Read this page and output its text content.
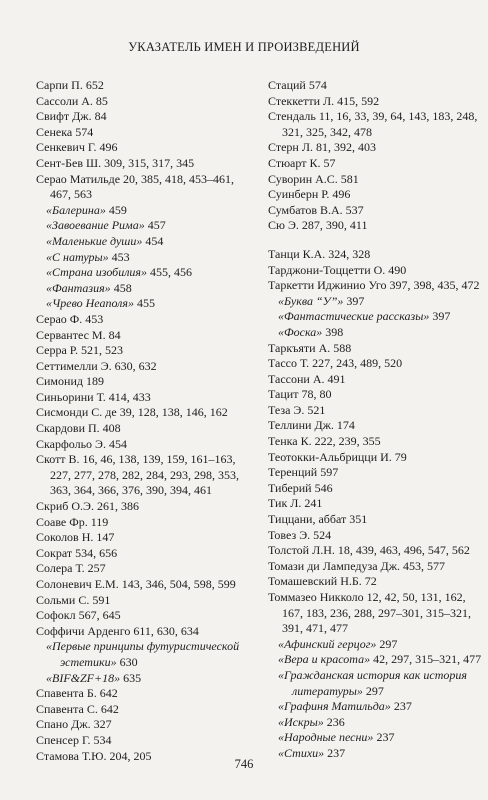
УКАЗАТЕЛЬ ИМЕН И ПРОИЗВЕДЕНИЙ
Сарпи П. 652
Сассоли А. 85
Свифт Дж. 84
Сенека 574
Сенкевич Г. 496
Сент-Бев Ш. 309, 315, 317, 345
Серао Матильде 20, 385, 418, 453–461, 467, 563
«Балерина» 459
«Завоевание Рима» 457
«Маленькие души» 454
«С натуры» 453
«Страна изобилия» 455, 456
«Фантазия» 458
«Чрево Неаполя» 455
Серао Ф. 453
Сервантес М. 84
Серра Р. 521, 523
Сеттимелли Э. 630, 632
Симонид 189
Синьорини Т. 414, 433
Сисмонди С. де 39, 128, 138, 146, 162
Скардови П. 408
Скарфольо Э. 454
Скотт В. 16, 46, 138, 139, 159, 161–163, 227, 277, 278, 282, 284, 293, 298, 353, 363, 364, 366, 376, 390, 394, 461
Скриб О.Э. 261, 386
Соаве Фр. 119
Соколов Н. 147
Сократ 534, 656
Солера Т. 257
Солоневич Е.М. 143, 346, 504, 598, 599
Сольми С. 591
Софокл 567, 645
Соффичи Арденго 611, 630, 634
«Первые принципы футуристической эстетики» 630
«BIF&ZF+18» 635
Спавента Б. 642
Спавента С. 642
Спано Дж. 327
Спенсер Г. 534
Стамова Т.Ю. 204, 205
Стаций 574
Стеккетти Л. 415, 592
Стендаль 11, 16, 33, 39, 64, 143, 183, 248, 321, 325, 342, 478
Стерн Л. 81, 392, 403
Стюарт К. 57
Суворин А.С. 581
Суинберн Р. 496
Сумбатов В.А. 537
Сю Э. 287, 390, 411
Танци К.А. 324, 328
Тарджони-Тоццетти О. 490
Таркетти Иджинио Уго 397, 398, 435, 472
«Буква “У”» 397
«Фантастические рассказы» 397
«Фоска» 398
Таркъяти А. 588
Тассо Т. 227, 243, 489, 520
Тассони А. 491
Тацит 78, 80
Теза Э. 521
Теллини Дж. 174
Тенка К. 222, 239, 355
Теотокки-Альбрицци И. 79
Теренций 597
Тиберий 546
Тик Л. 241
Тиццани, аббат 351
Товез Э. 524
Толстой Л.Н. 18, 439, 463, 496, 547, 562
Томази ди Лампедуза Дж. 453, 577
Томашевский Н.Б. 72
Томмазео Никколо 12, 42, 50, 131, 162, 167, 183, 236, 288, 297–301, 315–321, 391, 471, 477
«Афинский герцог» 297
«Вера и красота» 42, 297, 315–321, 477
«Гражданская история как история литературы» 297
«Графиня Матильда» 237
«Искры» 236
«Народные песни» 237
«Стихи» 237
746
